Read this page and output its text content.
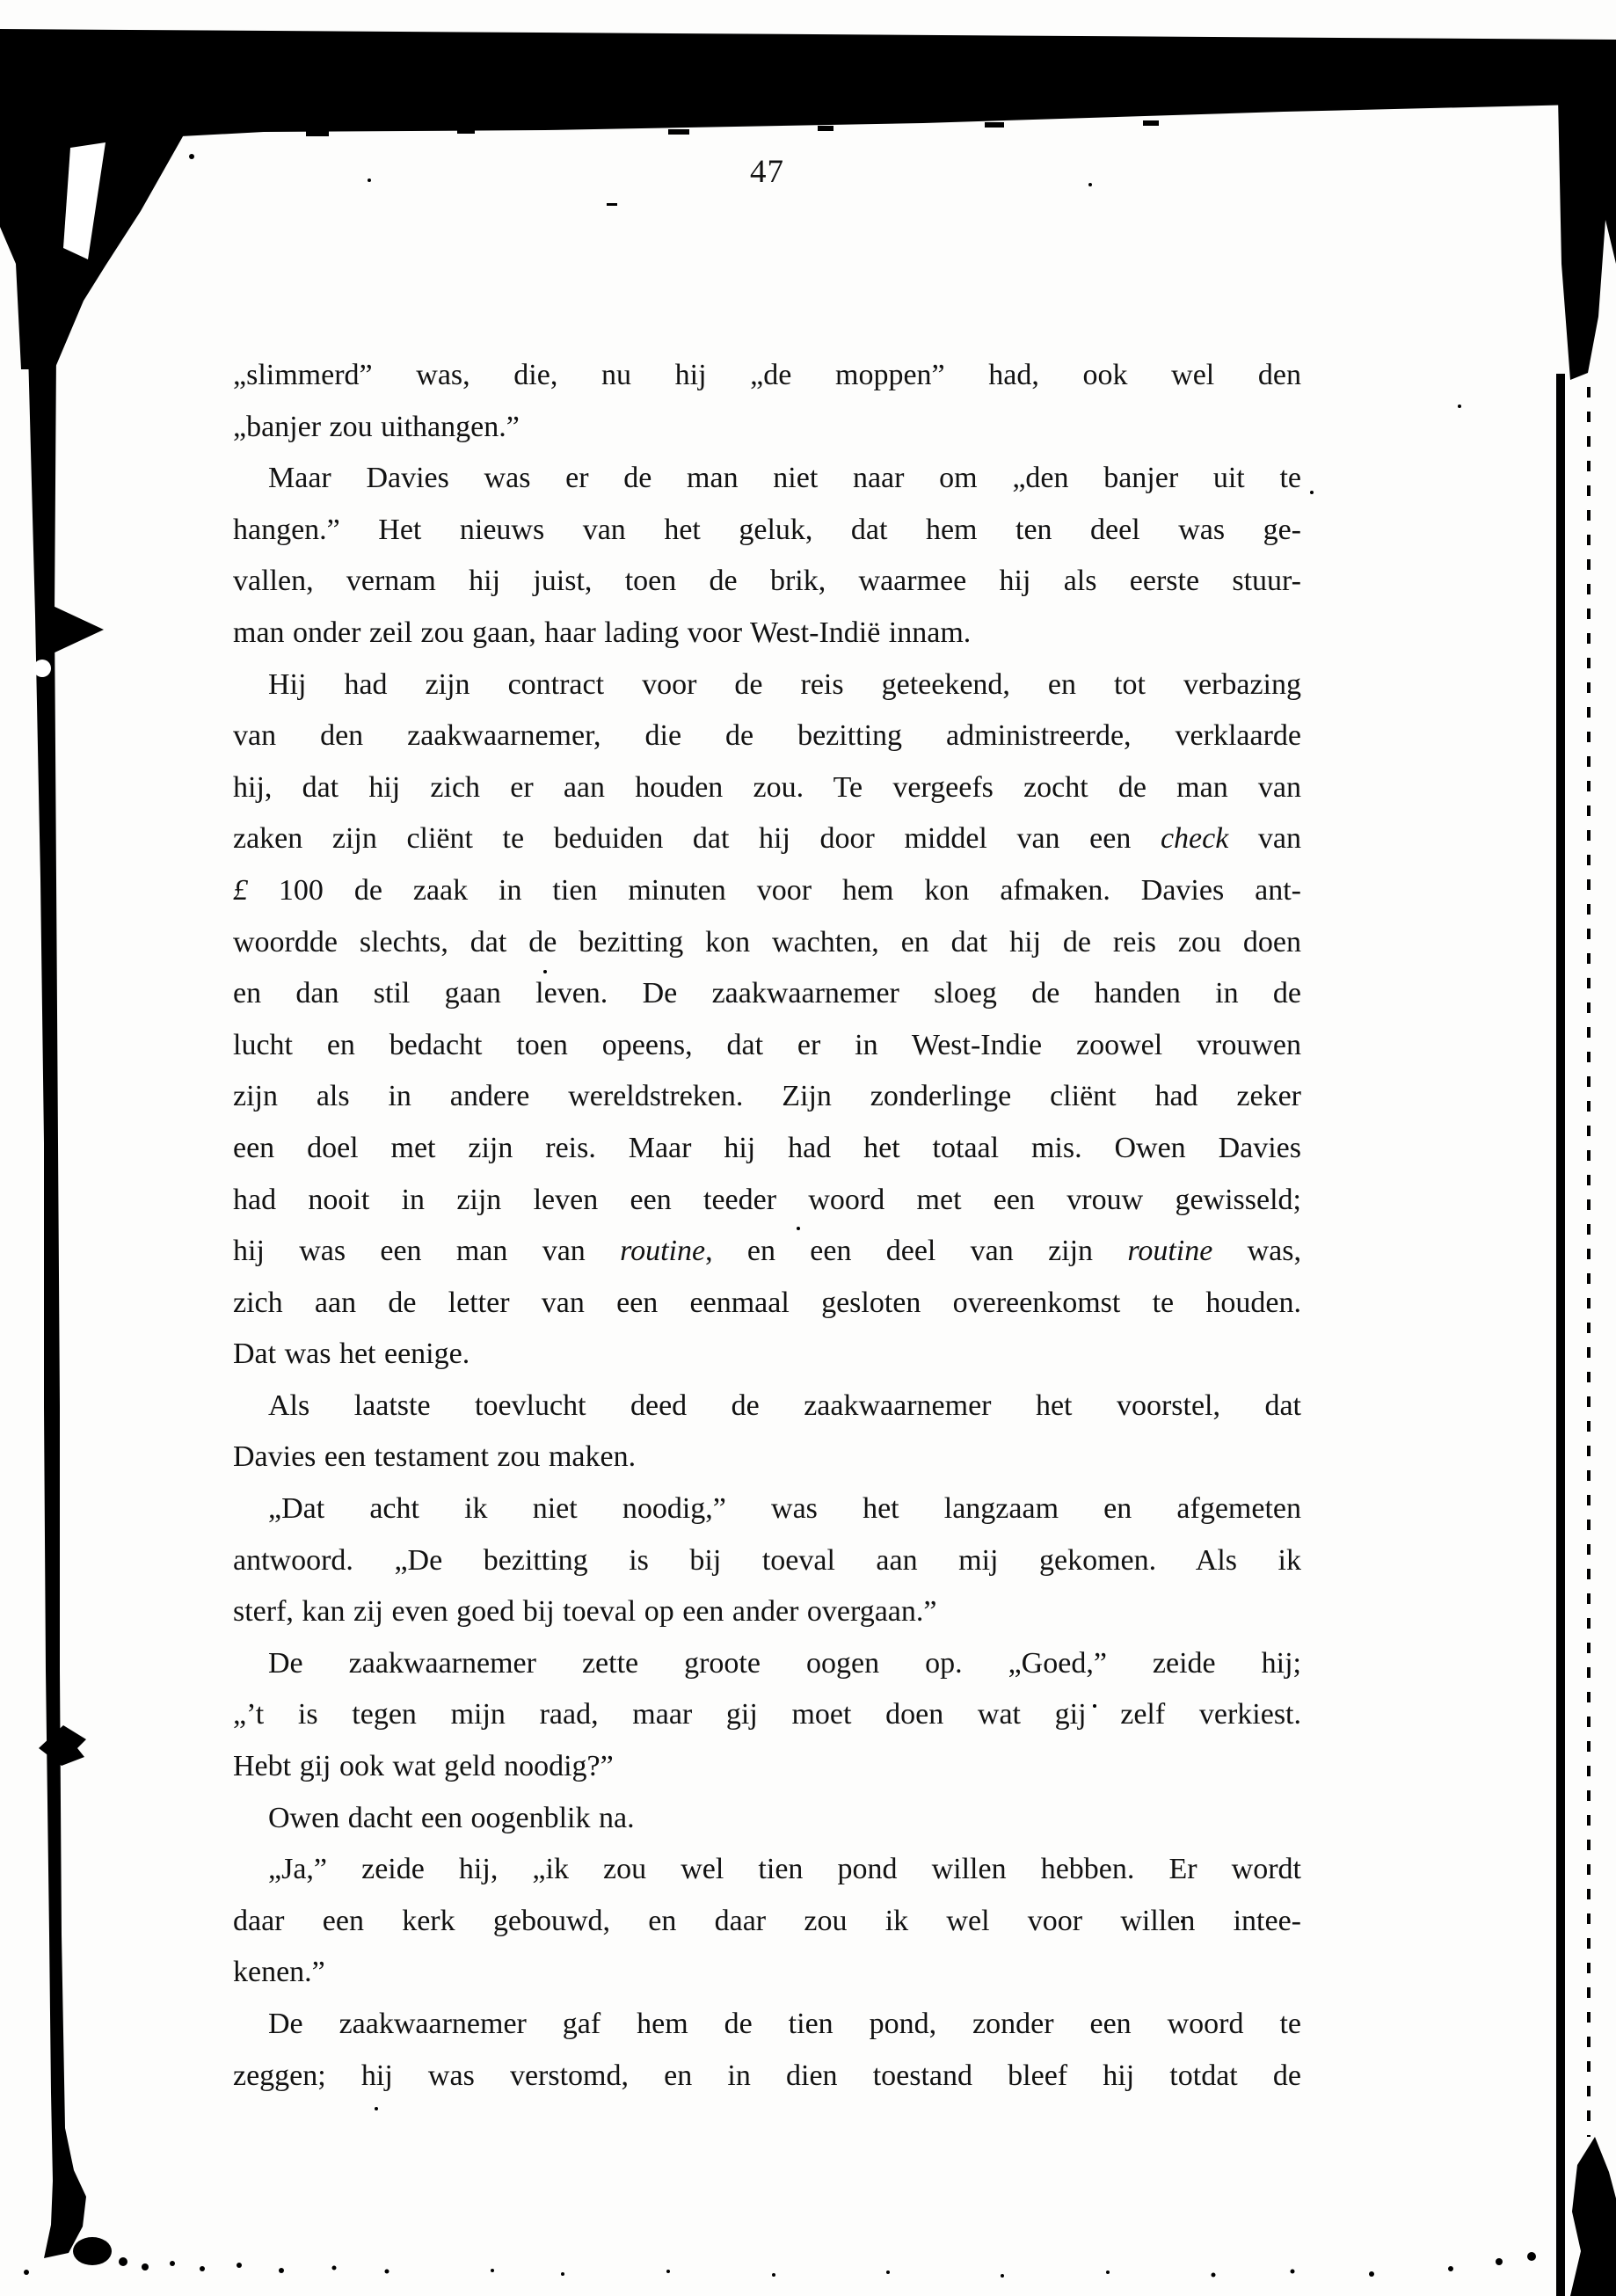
47
„slimmerd” was, die, nu hij „de moppen” had, ook wel den
„banjer zou uithangen.”
Maar Davies was er de man niet naar om „den banjer uit te
hangen.” Het nieuws van het geluk, dat hem ten deel was ge-
vallen, vernam hij juist, toen de brik, waarmee hij als eerste stuur-
man onder zeil zou gaan, haar lading voor West-Indië innam.
Hij had zijn contract voor de reis geteekend, en tot verbazing
van den zaakwaarnemer, die de bezitting administreerde, verklaarde
hij, dat hij zich er aan houden zou. Te vergeefs zocht de man van
zaken zijn cliënt te beduiden dat hij door middel van een check van
£ 100 de zaak in tien minuten voor hem kon afmaken. Davies ant-
woordde slechts, dat de bezitting kon wachten, en dat hij de reis zou doen
en dan stil gaan leven. De zaakwaarnemer sloeg de handen in de
lucht en bedacht toen opeens, dat er in West-Indie zoowel vrouwen
zijn als in andere wereldstreken. Zijn zonderlinge cliënt had zeker
een doel met zijn reis. Maar hij had het totaal mis. Owen Davies
had nooit in zijn leven een teeder woord met een vrouw gewisseld;
hij was een man van routine, en een deel van zijn routine was,
zich aan de letter van een eenmaal gesloten overeenkomst te houden.
Dat was het eenige.
Als laatste toevlucht deed de zaakwaarnemer het voorstel, dat
Davies een testament zou maken.
„Dat acht ik niet noodig,” was het langzaam en afgemeten
antwoord. „De bezitting is bij toeval aan mij gekomen. Als ik
sterf, kan zij even goed bij toeval op een ander overgaan.”
De zaakwaarnemer zette groote oogen op. „Goed,” zeide hij;
„’t is tegen mijn raad, maar gij moet doen wat gij zelf verkiest.
Hebt gij ook wat geld noodig?”
Owen dacht een oogenblik na.
„Ja,” zeide hij, „ik zou wel tien pond willen hebben. Er wordt
daar een kerk gebouwd, en daar zou ik wel voor willen intee-
kenen.”
De zaakwaarnemer gaf hem de tien pond, zonder een woord te
zeggen; hij was verstomd, en in dien toestand bleef hij totdat de
